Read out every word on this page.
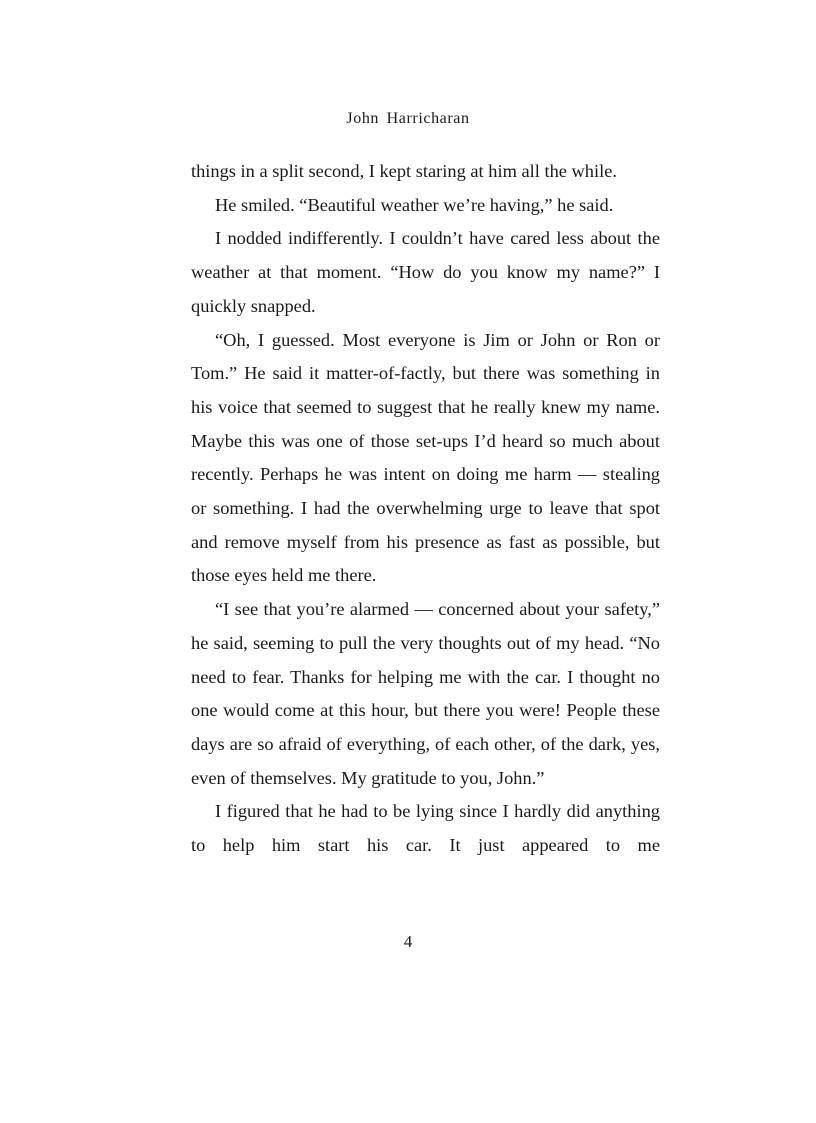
John Harricharan

things in a split second, I kept staring at him all the while.

He smiled. “Beautiful weather we’re having,” he said.

I nodded indifferently. I couldn’t have cared less about the weather at that moment. “How do you know my name?” I quickly snapped.

“Oh, I guessed. Most everyone is Jim or John or Ron or Tom.” He said it matter-of-factly, but there was something in his voice that seemed to suggest that he really knew my name. Maybe this was one of those set-ups I’d heard so much about recently. Perhaps he was intent on doing me harm — stealing or something. I had the overwhelming urge to leave that spot and remove myself from his presence as fast as possible, but those eyes held me there.

“I see that you’re alarmed — concerned about your safety,” he said, seeming to pull the very thoughts out of my head. “No need to fear. Thanks for helping me with the car. I thought no one would come at this hour, but there you were! People these days are so afraid of everything, of each other, of the dark, yes, even of themselves. My gratitude to you, John.”

I figured that he had to be lying since I hardly did anything to help him start his car. It just appeared to me

4
